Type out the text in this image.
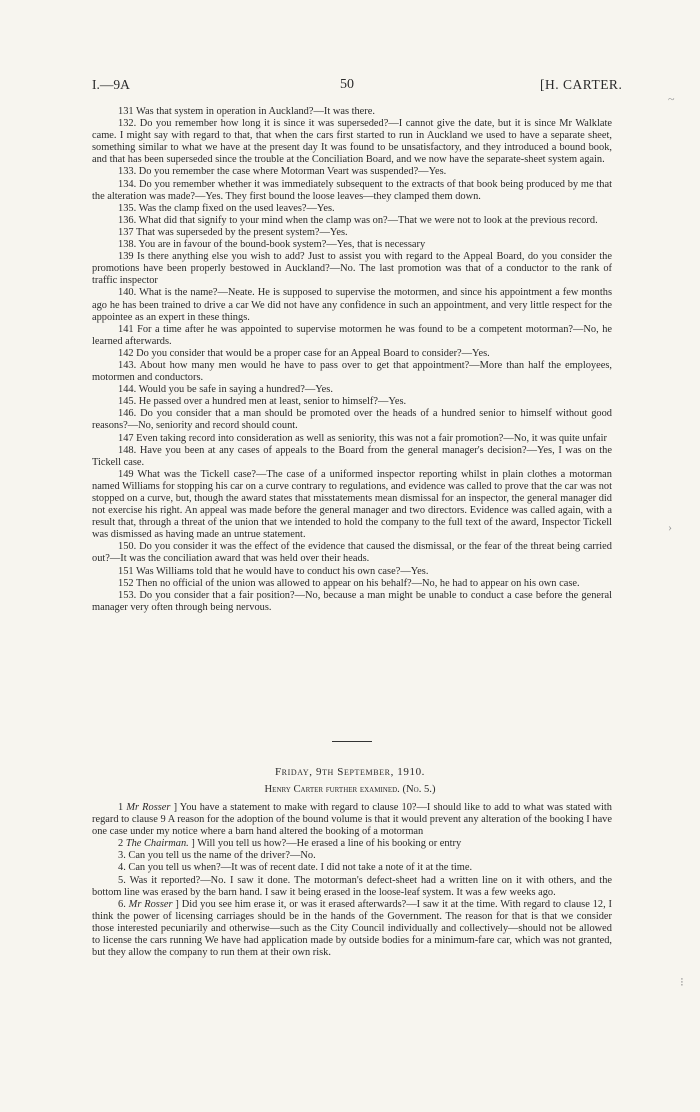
I.—9A	50	[H. CARTER.
~
›
⁝

131 Was that system in operation in Auckland?—It was there.

132. Do you remember how long it is since it was superseded?—I cannot give the date, but it is since Mr Walklate came. I might say with regard to that, that when the cars first started to run in Auckland we used to have a separate sheet, something similar to what we have at the present day It was found to be unsatisfactory, and they introduced a bound book, and that has been superseded since the trouble at the Conciliation Board, and we now have the separate-sheet system again.

133. Do you remember the case where Motorman Veart was suspended?—Yes.

134. Do you remember whether it was immediately subsequent to the extracts of that book being produced by me that the alteration was made?—Yes. They first bound the loose leaves—they clamped them down.

135. Was the clamp fixed on the used leaves?—Yes.

136. What did that signify to your mind when the clamp was on?—That we were not to look at the previous record.

137 That was superseded by the present system?—Yes.

138. You are in favour of the bound-book system?—Yes, that is necessary

139 Is there anything else you wish to add? Just to assist you with regard to the Appeal Board, do you consider the promotions have been properly bestowed in Auckland?—No. The last promotion was that of a conductor to the rank of traffic inspector

140. What is the name?—Neate. He is supposed to supervise the motormen, and since his appointment a few months ago he has been trained to drive a car We did not have any confidence in such an appointment, and very little respect for the appointee as an expert in these things.

141 For a time after he was appointed to supervise motormen he was found to be a competent motorman?—No, he learned afterwards.

142 Do you consider that would be a proper case for an Appeal Board to consider?—Yes.

143. About how many men would he have to pass over to get that appointment?—More than half the employees, motormen and conductors.

144. Would you be safe in saying a hundred?—Yes.

145. He passed over a hundred men at least, senior to himself?—Yes.

146. Do you consider that a man should be promoted over the heads of a hundred senior to himself without good reasons?—No, seniority and record should count.

147 Even taking record into consideration as well as seniority, this was not a fair promotion?—No, it was quite unfair

148. Have you been at any cases of appeals to the Board from the general manager's decision?—Yes, I was on the Tickell case.

149 What was the Tickell case?—The case of a uniformed inspector reporting whilst in plain clothes a motorman named Williams for stopping his car on a curve contrary to regulations, and evidence was called to prove that the car was not stopped on a curve, but, though the award states that misstatements mean dismissal for an inspector, the general manager did not exercise his right. An appeal was made before the general manager and two directors. Evidence was called again, with a result that, through a threat of the union that we intended to hold the company to the full text of the award, Inspector Tickell was dismissed as having made an untrue statement.

150. Do you consider it was the effect of the evidence that caused the dismissal, or the fear of the threat being carried out?—It was the conciliation award that was held over their heads.

151 Was Williams told that he would have to conduct his own case?—Yes.

152 Then no official of the union was allowed to appear on his behalf?—No, he had to appear on his own case.

153. Do you consider that a fair position?—No, because a man might be unable to conduct a case before the general manager very often through being nervous.

Friday, 9th September, 1910.
Henry Carter further examined. (No. 5.)

1 Mr Rosser ] You have a statement to make with regard to clause 10?—I should like to add to what was stated with regard to clause 9 A reason for the adoption of the bound volume is that it would prevent any alteration of the booking I have one case under my notice where a barn hand altered the booking of a motorman

2 The Chairman. ] Will you tell us how?—He erased a line of his booking or entry

3. Can you tell us the name of the driver?—No.

4. Can you tell us when?—It was of recent date. I did not take a note of it at the time.

5. Was it reported?—No. I saw it done. The motorman's defect-sheet had a written line on it with others, and the bottom line was erased by the barn hand. I saw it being erased in the loose-leaf system. It was a few weeks ago.

6. Mr Rosser ] Did you see him erase it, or was it erased afterwards?—I saw it at the time. With regard to clause 12, I think the power of licensing carriages should be in the hands of the Government. The reason for that is that we consider those interested pecuniarily and otherwise—such as the City Council individually and collectively—should not be allowed to license the cars running We have had application made by outside bodies for a minimum-fare car, which was not granted, but they allow the company to run them at their own risk.
